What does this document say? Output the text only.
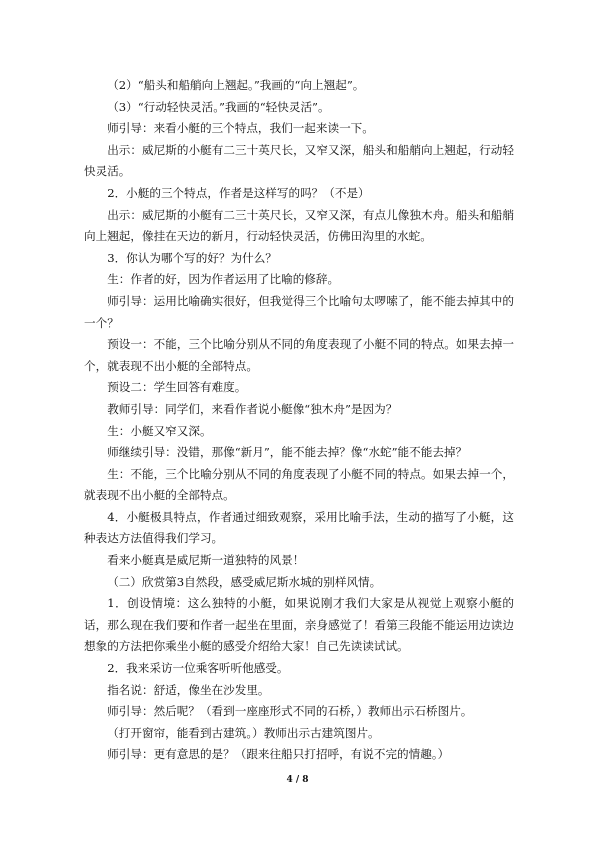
（2）“船头和船艄向上翘起。”我画的“向上翘起”。

（3）“行动轻快灵活。”我画的“轻快灵活”。

师引导：来看小艇的三个特点，我们一起来读一下。

出示：威尼斯的小艇有二三十英尺长，又窄又深，船头和船艄向上翘起，行动轻快灵活。

2．小艇的三个特点，作者是这样写的吗？（不是）

出示：威尼斯的小艇有二三十英尺长，又窄又深，有点儿像独木舟。船头和船艄向上翘起，像挂在天边的新月，行动轻快灵活，仿佛田沟里的水蛇。

3．你认为哪个写的好？为什么？

生：作者的好，因为作者运用了比喻的修辞。

师引导：运用比喻确实很好，但我觉得三个比喻句太啰嗦了，能不能去掉其中的一个？

预设一：不能，三个比喻分别从不同的角度表现了小艇不同的特点。如果去掉一个，就表现不出小艇的全部特点。

预设二：学生回答有难度。

教师引导：同学们，来看作者说小艇像“独木舟”是因为？

生：小艇又窄又深。

师继续引导：没错，那像“新月”，能不能去掉？像“水蛇”能不能去掉？

生：不能，三个比喻分别从不同的角度表现了小艇不同的特点。如果去掉一个，就表现不出小艇的全部特点。

4．小艇极具特点，作者通过细致观察，采用比喻手法，生动的描写了小艇，这种表达方法值得我们学习。

看来小艇真是威尼斯一道独特的风景！

（二）欣赏第3自然段，感受威尼斯水城的别样风情。

1．创设情境：这么独特的小艇，如果说刚才我们大家是从视觉上观察小艇的话，那么现在我们要和作者一起坐在里面，亲身感觉了！看第三段能不能运用边读边想象的方法把你乘坐小艇的感受介绍给大家！自己先读读试试。

2．我来采访一位乘客听听他感受。

指名说：舒适，像坐在沙发里。

师引导：然后呢？（看到一座座形式不同的石桥，）教师出示石桥图片。

（打开窗帘，能看到古建筑。）教师出示古建筑图片。

师引导：更有意思的是？（跟来往船只打招呼，有说不完的情趣。）

4 / 8
